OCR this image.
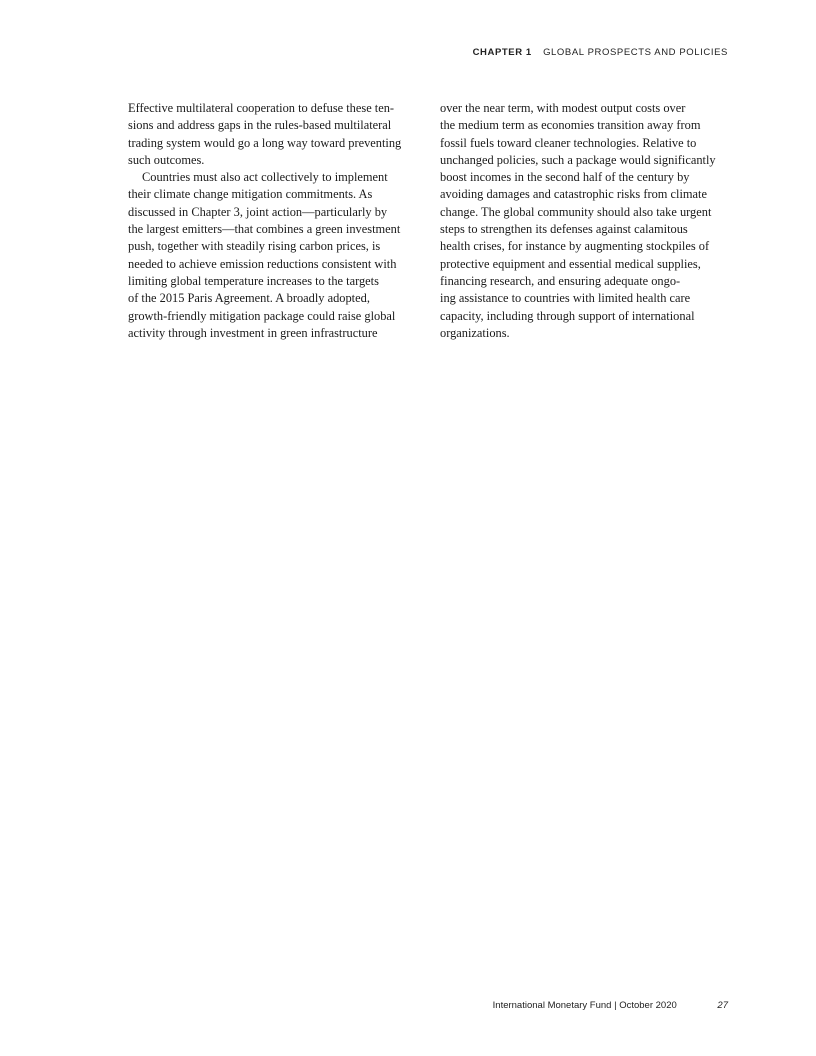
CHAPTER 1 GLOBAL PROSPECTS AND POLICIES
Effective multilateral cooperation to defuse these ten-
sions and address gaps in the rules-based multilateral
trading system would go a long way toward preventing
such outcomes.
Countries must also act collectively to implement
their climate change mitigation commitments. As
discussed in Chapter 3, joint action—particularly by
the largest emitters—that combines a green investment
push, together with steadily rising carbon prices, is
needed to achieve emission reductions consistent with
limiting global temperature increases to the targets
of the 2015 Paris Agreement. A broadly adopted,
growth-friendly mitigation package could raise global
activity through investment in green infrastructure
over the near term, with modest output costs over
the medium term as economies transition away from
fossil fuels toward cleaner technologies. Relative to
unchanged policies, such a package would significantly
boost incomes in the second half of the century by
avoiding damages and catastrophic risks from climate
change. The global community should also take urgent
steps to strengthen its defenses against calamitous
health crises, for instance by augmenting stockpiles of
protective equipment and essential medical supplies,
financing research, and ensuring adequate ongo-
ing assistance to countries with limited health care
capacity, including through support of international
organizations.
International Monetary Fund | October 2020	27
